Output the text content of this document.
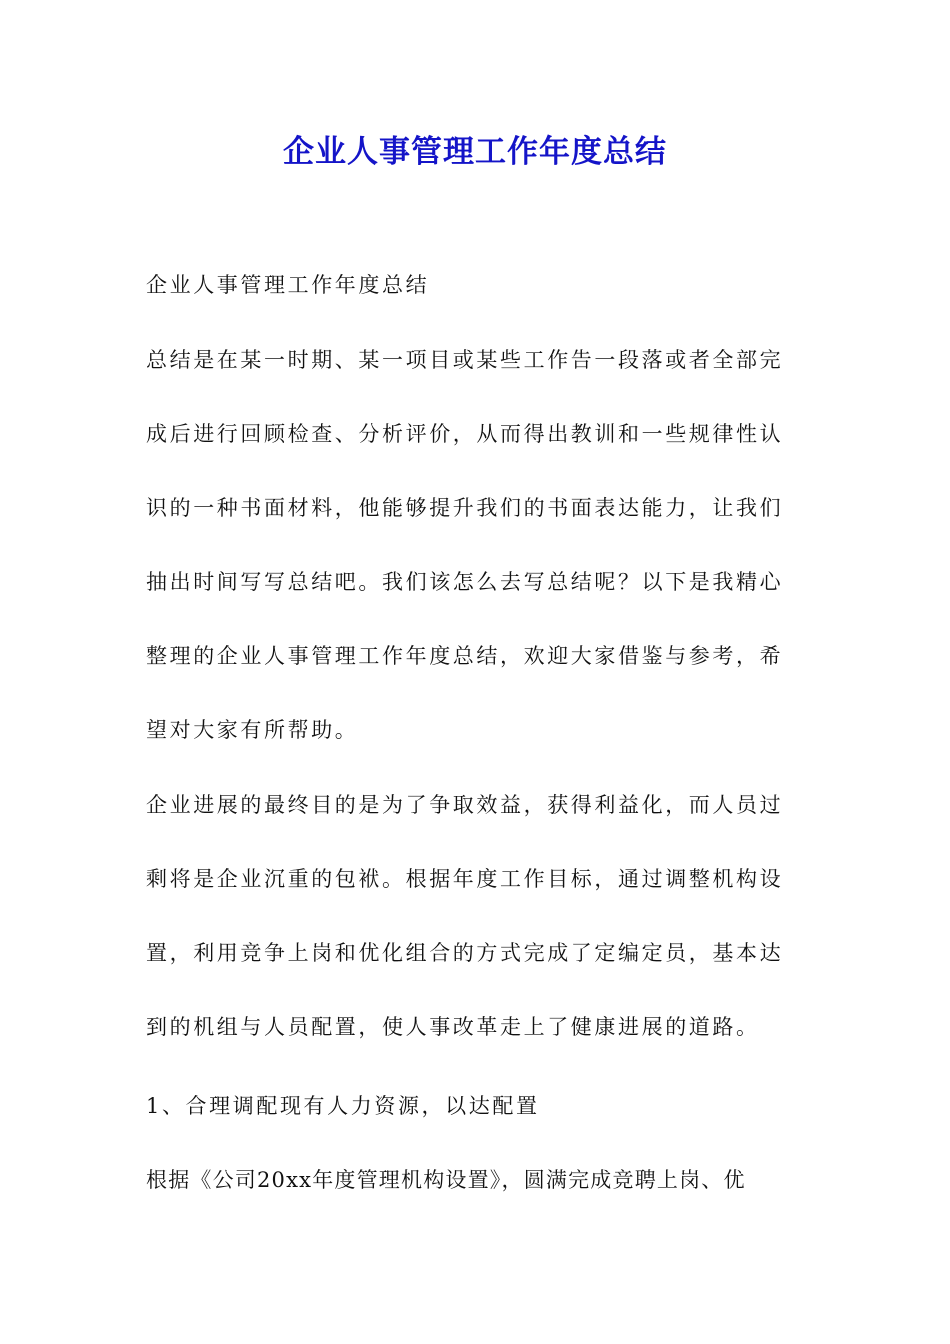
企业人事管理工作年度总结
企业人事管理工作年度总结
总结是在某一时期、某一项目或某些工作告一段落或者全部完
成后进行回顾检查、分析评价，从而得出教训和一些规律性认
识的一种书面材料，他能够提升我们的书面表达能力，让我们
抽出时间写写总结吧。我们该怎么去写总结呢？以下是我精心
整理的企业人事管理工作年度总结，欢迎大家借鉴与参考，希
望对大家有所帮助。
企业进展的最终目的是为了争取效益，获得利益化，而人员过
剩将是企业沉重的包袱。根据年度工作目标，通过调整机构设
置，利用竞争上岗和优化组合的方式完成了定编定员，基本达
到的机组与人员配置，使人事改革走上了健康进展的道路。
1、合理调配现有人力资源，以达配置
根据《公司20xx年度管理机构设置》，圆满完成竞聘上岗、优
